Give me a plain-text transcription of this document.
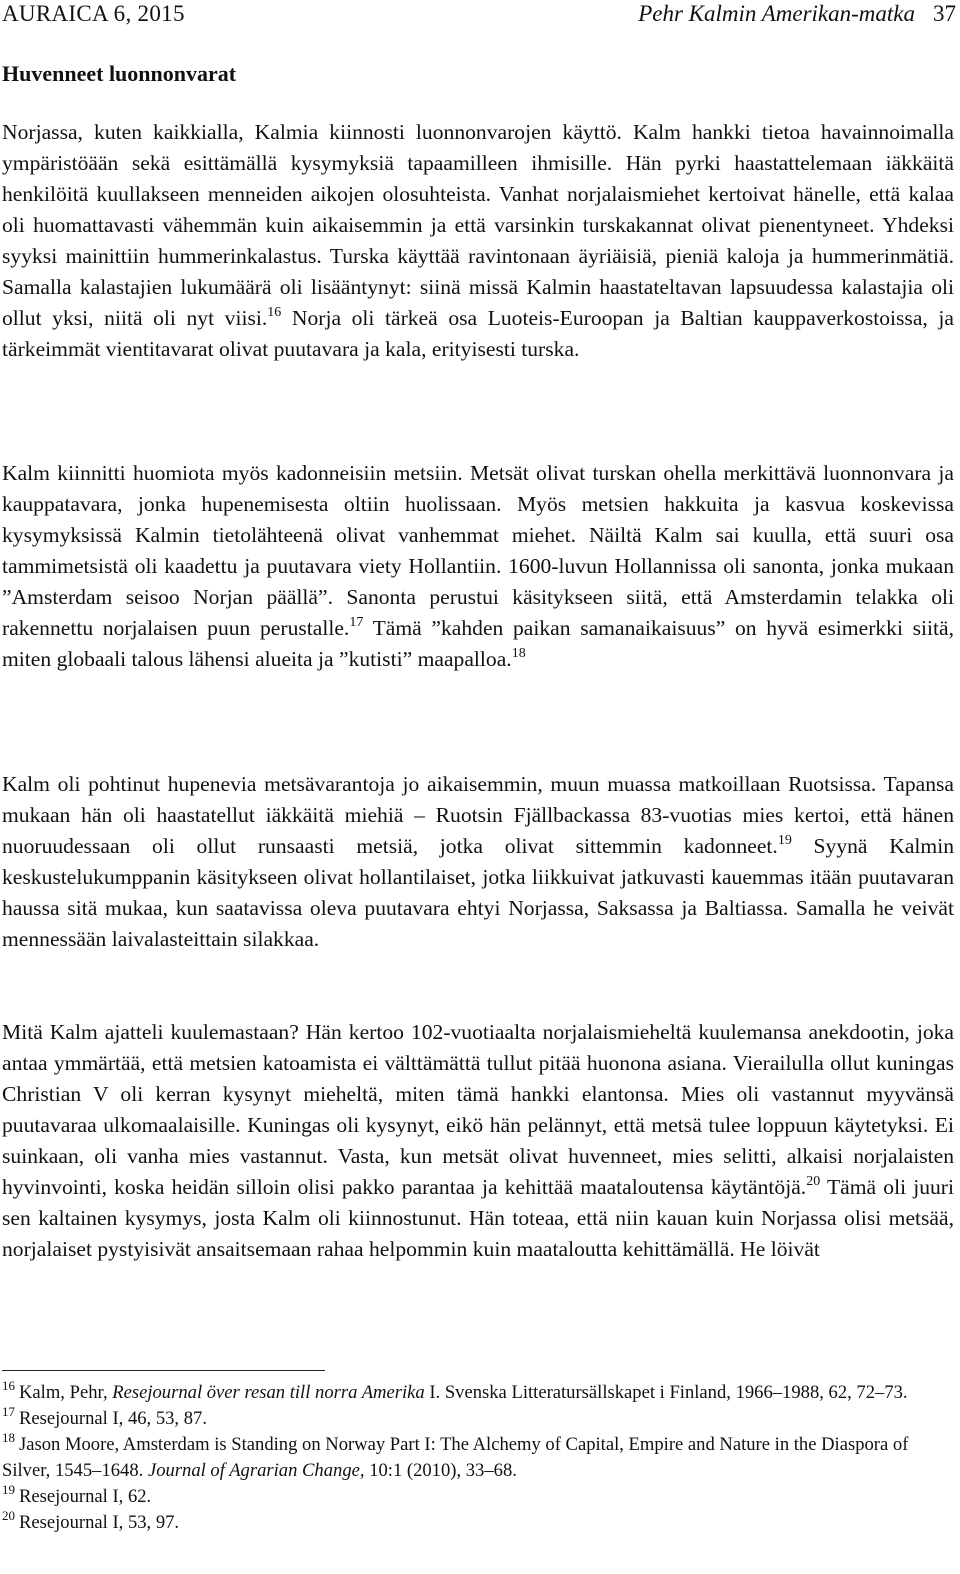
AURAICA 6, 2015	Pehr Kalmin Amerikan-matka 37
Huvenneet luonnonvarat

Norjassa, kuten kaikkialla, Kalmia kiinnosti luonnonvarojen käyttö. Kalm hankki tietoa havainnoimalla ympäristöään sekä esittämällä kysymyksiä tapaamilleen ihmisille. Hän pyrki haastattelemaan iäkkäitä henkilöitä kuullakseen menneiden aikojen olosuhteista. Vanhat norjalaismiehet kertoivat hänelle, että kalaa oli huomattavasti vähemmän kuin aikaisemmin ja että varsinkin turskakannat olivat pienentyneet. Yhdeksi syyksi mainittiin hummerinkalastus. Turska käyttää ravintonaan äyriäisiä, pieniä kaloja ja hummerinmätiä. Samalla kalastajien lukumäärä oli lisääntynyt: siinä missä Kalmin haastateltavan lapsuudessa kalastajia oli ollut yksi, niitä oli nyt viisi.$^{16}$ Norja oli tärkeä osa Luoteis-Euroopan ja Baltian kauppaverkostoissa, ja tärkeimmät vientitavarat olivat puutavara ja kala, erityisesti turska.

Kalm kiinnitti huomiota myös kadonneisiin metsiin. Metsät olivat turskan ohella merkittävä luonnonvara ja kauppatavara, jonka hupenemisesta oltiin huolissaan. Myös metsien hakkuita ja kasvua koskevissa kysymyksissä Kalmin tietolähteenä olivat vanhemmat miehet. Näiltä Kalm sai kuulla, että suuri osa tammimetsistä oli kaadettu ja puutavara viety Hollantiin. 1600-luvun Hollannissa oli sanonta, jonka mukaan ”Amsterdam seisoo Norjan päällä”. Sanonta perustui käsitykseen siitä, että Amsterdamin telakka oli rakennettu norjalaisen puun perustalle.$^{17}$ Tämä ”kahden paikan samanaikaisuus” on hyvä esimerkki siitä, miten globaali talous lähensi alueita ja ”kutisti” maapalloa.$^{18}$

Kalm oli pohtinut hupenevia metsävarantoja jo aikaisemmin, muun muassa matkoillaan Ruotsissa. Tapansa mukaan hän oli haastatellut iäkkäitä miehiä – Ruotsin Fjällbackassa 83-vuotias mies kertoi, että hänen nuoruudessaan oli ollut runsaasti metsiä, jotka olivat sittemmin kadonneet.$^{19}$ Syynä Kalmin keskustelukumppanin käsitykseen olivat hollantilaiset, jotka liikkuivat jatkuvasti kauemmas itään puutavaran haussa sitä mukaa, kun saatavissa oleva puutavara ehtyi Norjassa, Saksassa ja Baltiassa. Samalla he veivät mennessään laivalasteittain silakkaa.

Mitä Kalm ajatteli kuulemastaan? Hän kertoo 102-vuotiaalta norjalaismieheltä kuulemansa anekdootin, joka antaa ymmärtää, että metsien katoamista ei välttämättä tullut pitää huonona asiana. Vierailulla ollut kuningas Christian V oli kerran kysynyt mieheltä, miten tämä hankki elantonsa. Mies oli vastannut myyvänsä puutavaraa ulkomaalaisille. Kuningas oli kysynyt, eikö hän pelännyt, että metsä tulee loppuun käytetyksi. Ei suinkaan, oli vanha mies vastannut. Vasta, kun metsät olivat huvenneet, mies selitti, alkaisi norjalaisten hyvinvointi, koska heidän silloin olisi pakko parantaa ja kehittää maataloutensa käytäntöjä.$^{20}$ Tämä oli juuri sen kaltainen kysymys, josta Kalm oli kiinnostunut. Hän toteaa, että niin kauan kuin Norjassa olisi metsää, norjalaiset pystyisivät ansaitsemaan rahaa helpommin kuin maataloutta kehittämällä. He löivät

$^{16}$ Kalm, Pehr, Resejournal över resan till norra Amerika I. Svenska Litteratursällskapet i Finland, 1966–1988, 62, 72–73.

$^{17}$ Resejournal I, 46, 53, 87.

$^{18}$ Jason Moore, Amsterdam is Standing on Norway Part I: The Alchemy of Capital, Empire and Nature in the Diaspora of Silver, 1545–1648. Journal of Agrarian Change, 10:1 (2010), 33–68.

$^{19}$ Resejournal I, 62.

$^{20}$ Resejournal I, 53, 97.
